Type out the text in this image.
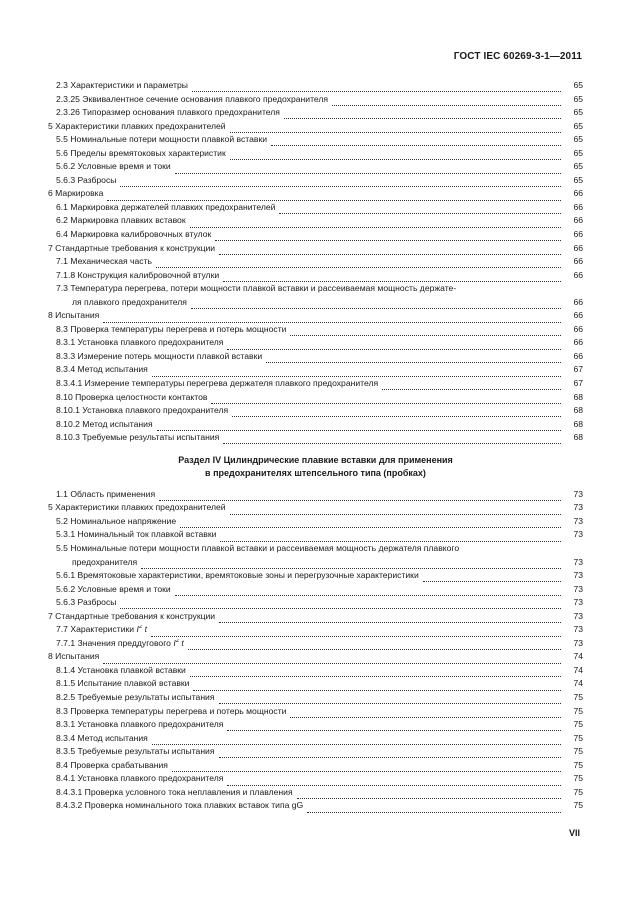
ГОСТ IEC 60269-3-1—2011
2.3 Характеристики и параметры	65
2.3.25 Эквивалентное сечение основания плавкого предохранителя	65
2.3.26 Типоразмер основания плавкого предохранителя	65
5 Характеристики плавких предохранителей	65
5.5 Номинальные потери мощности плавкой вставки	65
5.6 Пределы времятоковых характеристик	65
5.6.2 Условные время и токи	65
5.6.3 Разбросы	65
6 Маркировка	66
6.1 Маркировка держателей плавких предохранителей	66
6.2 Маркировка плавких вставок	66
6.4 Маркировка калибровочных втулок	66
7 Стандартные требования к конструкции	66
7.1 Механическая часть	66
7.1.8 Конструкция калибровочной втулки	66
7.3 Температура перегрева, потери мощности плавкой вставки и рассеиваемая мощность держате-
ля плавкого предохранителя	66
8 Испытания	66
8.3 Проверка температуры перегрева и потерь мощности	66
8.3.1 Установка плавкого предохранителя	66
8.3.3 Измерение потерь мощности плавкой вставки	66
8.3.4 Метод испытания	67
8.3.4.1 Измерение температуры перегрева держателя плавкого предохранителя	67
8.10 Проверка целостности контактов	68
8.10.1 Установка плавкого предохранителя	68
8.10.2 Метод испытания	68
8.10.3 Требуемые результаты испытания	68
Раздел IV Цилиндрические плавкие вставки для применения
в предохранителях штепсельного типа (пробках)
1.1 Область применения	73
5 Характеристики плавких предохранителей	73
5.2 Номинальное напряжение	73
5.3.1 Номинальный ток плавкой вставки	73
5.5 Номинальные потери мощности плавкой вставки и рассеиваемая мощность держателя плавкого
предохранителя	73
5.6.1 Времятоковые характеристики, времятоковые зоны и перегрузочные характеристики	73
5.6.2 Условные время и токи	73
5.6.3 Разбросы	73
7 Стандартные требования к конструкции	73
7.7 Характеристики $I^2$ t	73
7.7.1 Значения преддугового $I^2$ t	73
8 Испытания	74
8.1.4 Установка плавкой вставки	74
8.1.5 Испытание плавкой вставки	74
8.2.5 Требуемые результаты испытания	75
8.3 Проверка температуры перегрева и потерь мощности	75
8.3.1 Установка плавкого предохранителя	75
8.3.4 Метод испытания	75
8.3.5 Требуемые результаты испытания	75
8.4 Проверка срабатывания	75
8.4.1 Установка плавкого предохранителя	75
8.4.3.1 Проверка условного тока неплавления и плавления	75
8.4.3.2 Проверка номинального тока плавких вставок типа gG	75
VII
